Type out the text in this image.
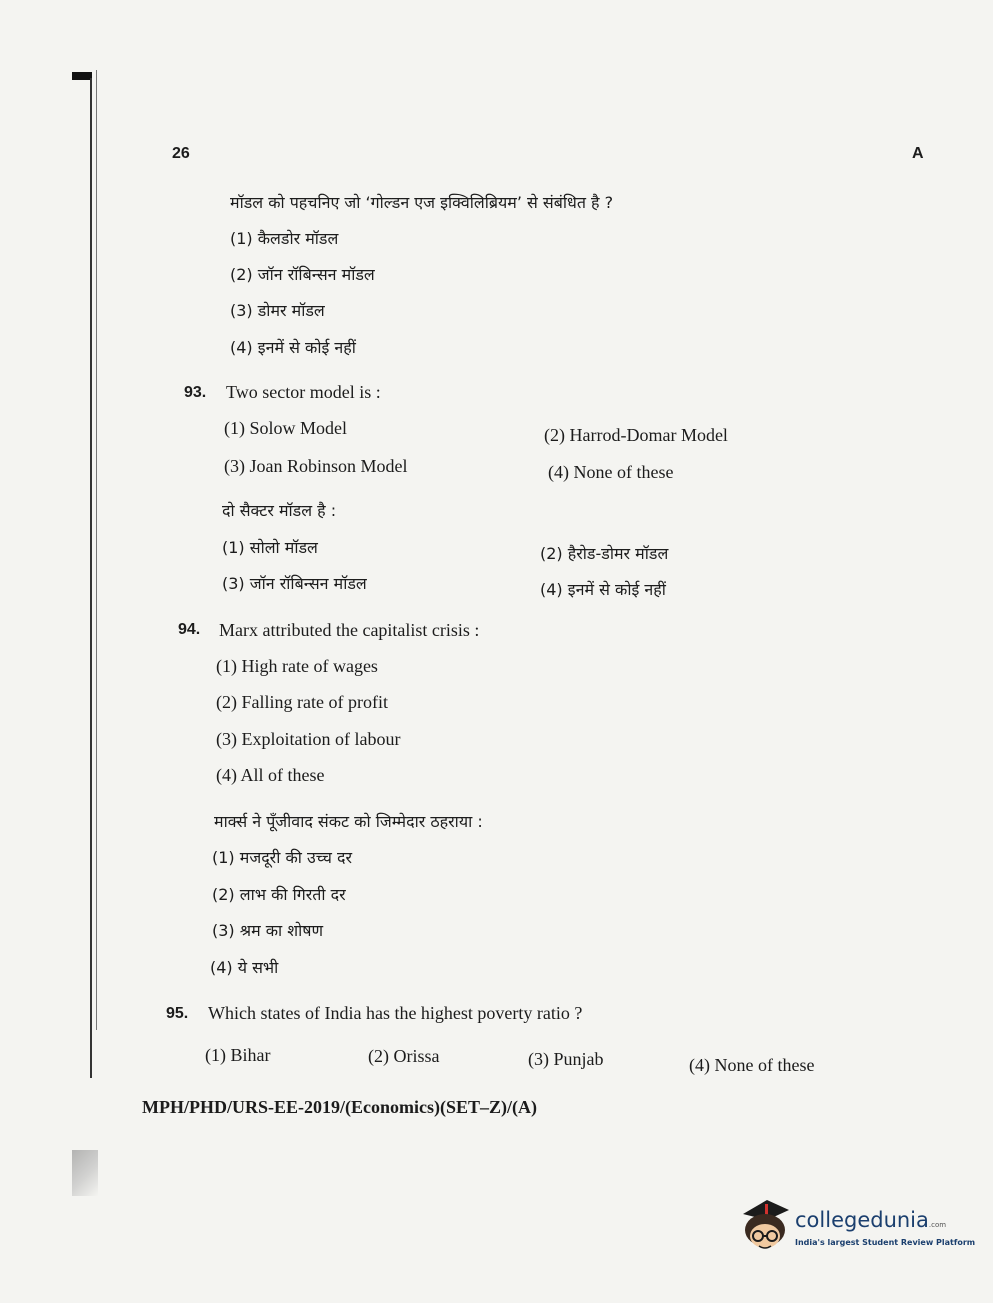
26	A
मॉडल को पहचनिए जो ‘गोल्डन एज इक्विलिब्रियम’ से संबंधित है ?
(1) कैलडोर मॉडल
(2) जॉन रॉबिन्सन मॉडल
(3) डोमर मॉडल
(4) इनमें से कोई नहीं
93. Two sector model is :
(1) Solow Model	(2) Harrod-Domar Model
(3) Joan Robinson Model	(4) None of these
दो सैक्टर मॉडल है :
(1) सोलो मॉडल	(2) हैरोड-डोमर मॉडल
(3) जॉन रॉबिन्सन मॉडल	(4) इनमें से कोई नहीं
94. Marx attributed the capitalist crisis :
(1) High rate of wages
(2) Falling rate of profit
(3) Exploitation of labour
(4) All of these
मार्क्स ने पूँजीवाद संकट को जिम्मेदार ठहराया :
(1) मजदूरी की उच्च दर
(2) लाभ की गिरती दर
(3) श्रम का शोषण
(4) ये सभी
95. Which states of India has the highest poverty ratio ?
(1) Bihar	(2) Orissa	(3) Punjab	(4) None of these
MPH/PHD/URS-EE-2019/(Economics)(SET–Z)/(A)
collegedunia.com
India's largest Student Review Platform
